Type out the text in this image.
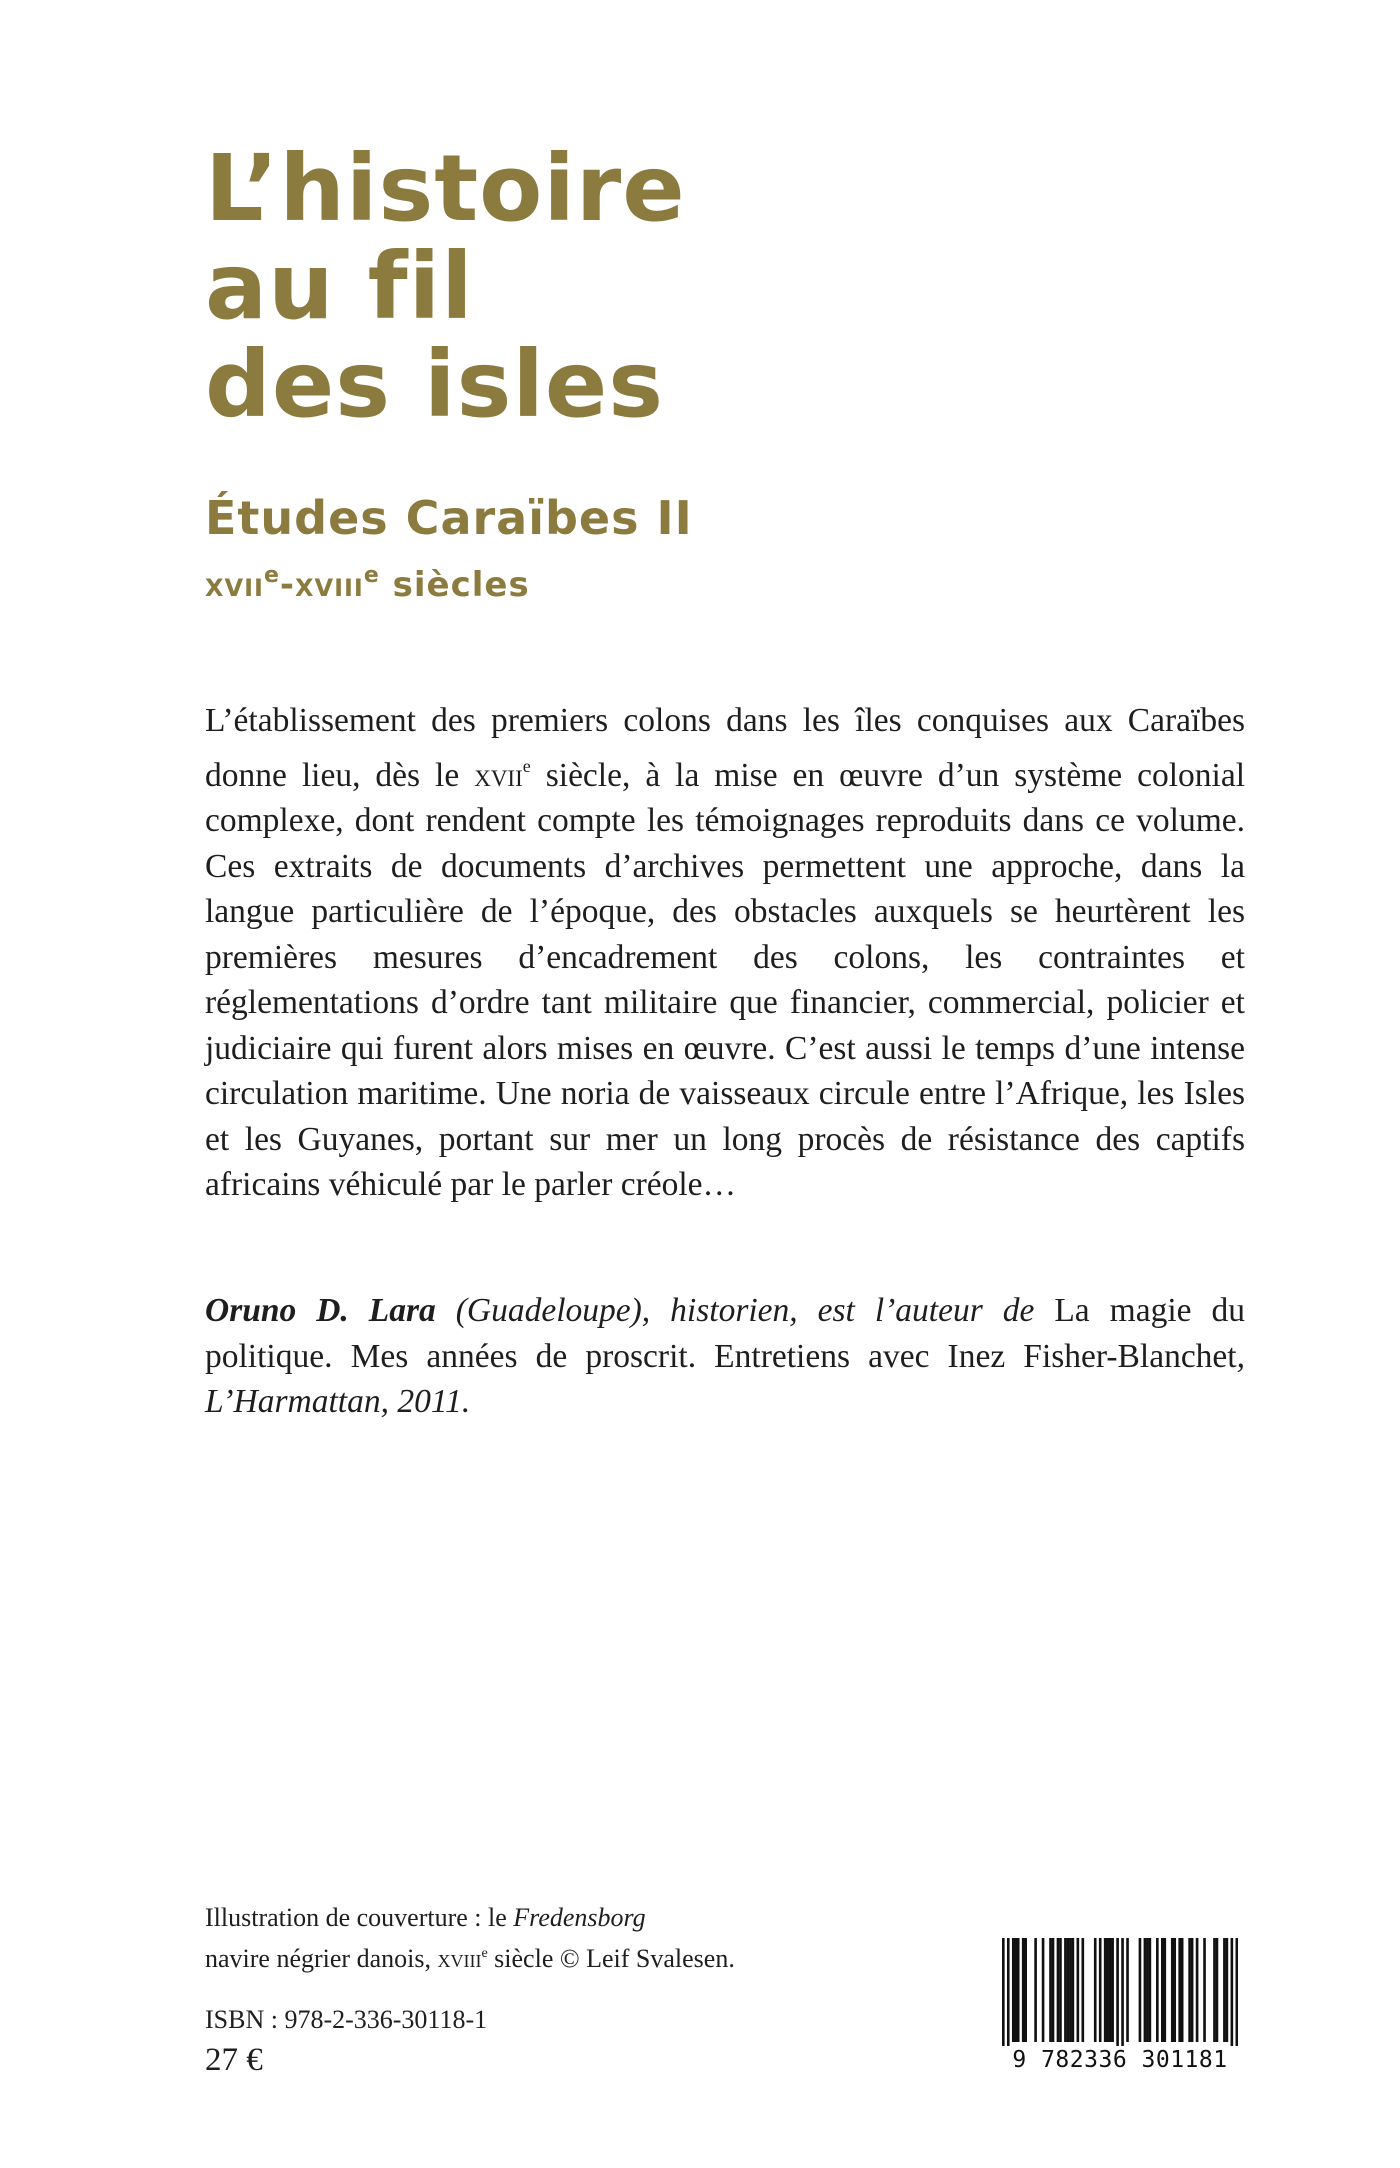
L’histoire
au fil
des isles
Études Caraïbes II
xvii$^e$-xviii$^e$ siècles

L’établissement des premiers colons dans les îles conquises aux Caraïbes donne lieu, dès le xvii$^e$ siècle, à la mise en œuvre d’un système colonial complexe, dont rendent compte les témoignages reproduits dans ce volume. Ces extraits de documents d’archives permettent une approche, dans la langue particulière de l’époque, des obstacles auxquels se heurtèrent les premières mesures d’encadrement des colons, les contraintes et réglementations d’ordre tant militaire que financier, commercial, policier et judiciaire qui furent alors mises en œuvre. C’est aussi le temps d’une intense circulation maritime. Une noria de vaisseaux circule entre l’Afrique, les Isles et les Guyanes, portant sur mer un long procès de résistance des captifs africains véhiculé par le parler créole…

Oruno D. Lara (Guadeloupe), historien, est l’auteur de La magie du politique. Mes années de proscrit. Entretiens avec Inez Fisher-Blanchet, L’Harmattan, 2011.

Illustration de couverture : le Fredensborg
navire négrier danois, xviii$^e$ siècle © Leif Svalesen.
ISBN : 978-2-336-30118-1
27 €	9 782336 301181
